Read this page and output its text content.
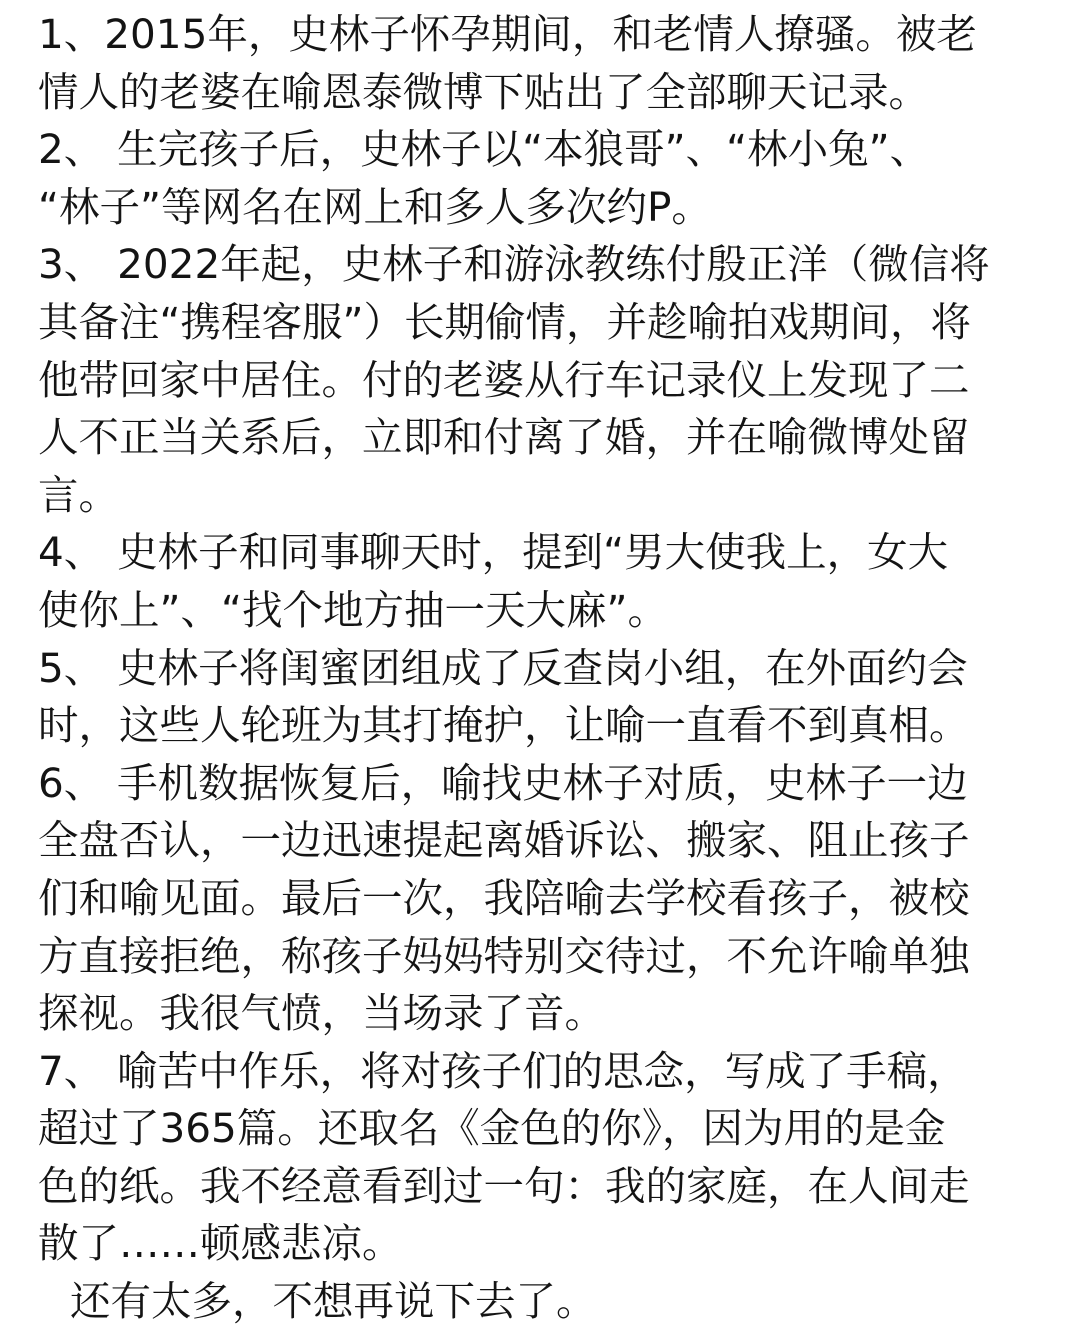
1、2015年，史林子怀孕期间，和老情人撩骚。被老
情人的老婆在喻恩泰微博下贴出了全部聊天记录。
2、 生完孩子后，史林子以“本狼哥”、“林小兔”、
“林子”等网名在网上和多人多次约P。
3、 2022年起，史林子和游泳教练付殷正洋（微信将
其备注“携程客服”）长期偷情，并趁喻拍戏期间，将
他带回家中居住。付的老婆从行车记录仪上发现了二
人不正当关系后，立即和付离了婚，并在喻微博处留
言。
4、 史林子和同事聊天时，提到“男大使我上，女大
使你上”、“找个地方抽一天大麻”。
5、 史林子将闺蜜团组成了反查岗小组，在外面约会
时，这些人轮班为其打掩护，让喻一直看不到真相。
6、 手机数据恢复后，喻找史林子对质，史林子一边
全盘否认，一边迅速提起离婚诉讼、搬家、阻止孩子
们和喻见面。最后一次，我陪喻去学校看孩子，被校
方直接拒绝，称孩子妈妈特别交待过，不允许喻单独
探视。我很气愤，当场录了音。
7、 喻苦中作乐，将对孩子们的思念，写成了手稿，
超过了365篇。还取名《金色的你》，因为用的是金
色的纸。我不经意看到过一句：我的家庭，在人间走
散了……顿感悲凉。
还有太多，不想再说下去了。
